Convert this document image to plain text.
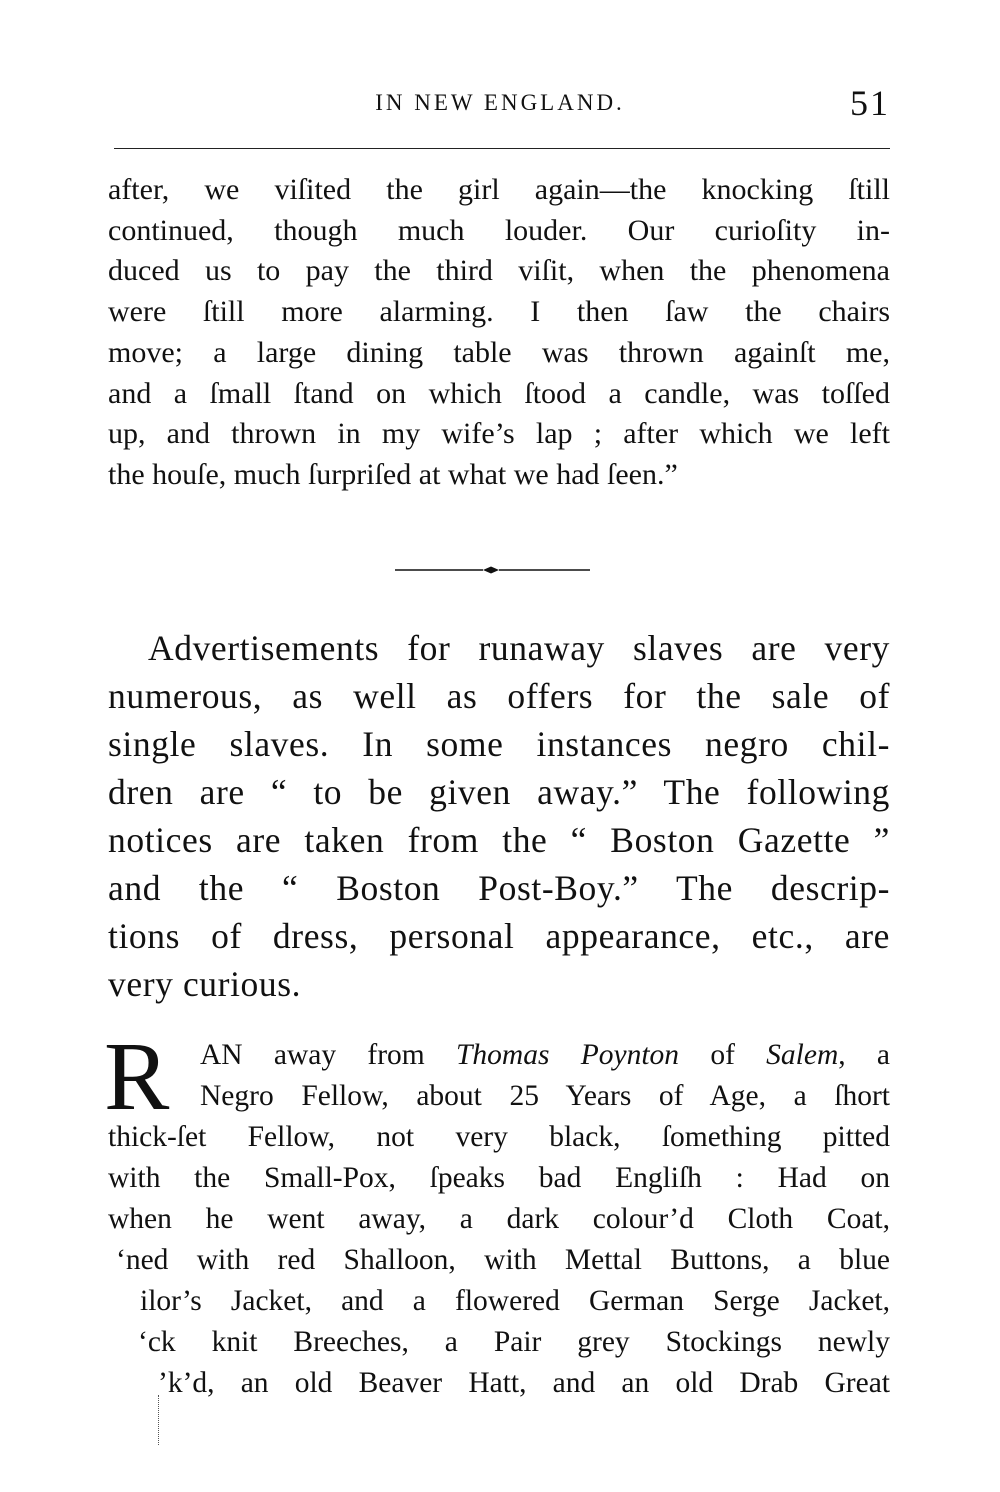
IN NEW ENGLAND.	51
after, we viſited the girl again—the knocking ſtill
continued, though much louder. Our curioſity in-
duced us to pay the third viſit, when the phenomena
were ſtill more alarming. I then ſaw the chairs
move; a large dining table was thrown againſt me,
and a ſmall ſtand on which ſtood a candle, was toſſed
up, and thrown in my wife’s lap ; after which we left
the houſe, much ſurpriſed at what we had ſeen.”
Advertisements for runaway slaves are very
numerous, as well as offers for the sale of
single slaves. In some instances negro chil-
dren are “ to be given away.” The following
notices are taken from the “ Boston Gazette ”
and the “ Boston Post-Boy.” The descrip-
tions of dress, personal appearance, etc., are
very curious.
R	AN away from Thomas Poynton of Salem, a
Negro Fellow, about 25 Years of Age, a ſhort
thick-ſet Fellow, not very black, ſomething pitted
with the Small-Pox, ſpeaks bad Engliſh : Had on
when he went away, a dark colour’d Cloth Coat,
‘ned with red Shalloon, with Mettal Buttons, a blue
ilor’s Jacket, and a flowered German Serge Jacket,
‘ck knit Breeches, a Pair grey Stockings newly
’k’d, an old Beaver Hatt, and an old Drab Great
